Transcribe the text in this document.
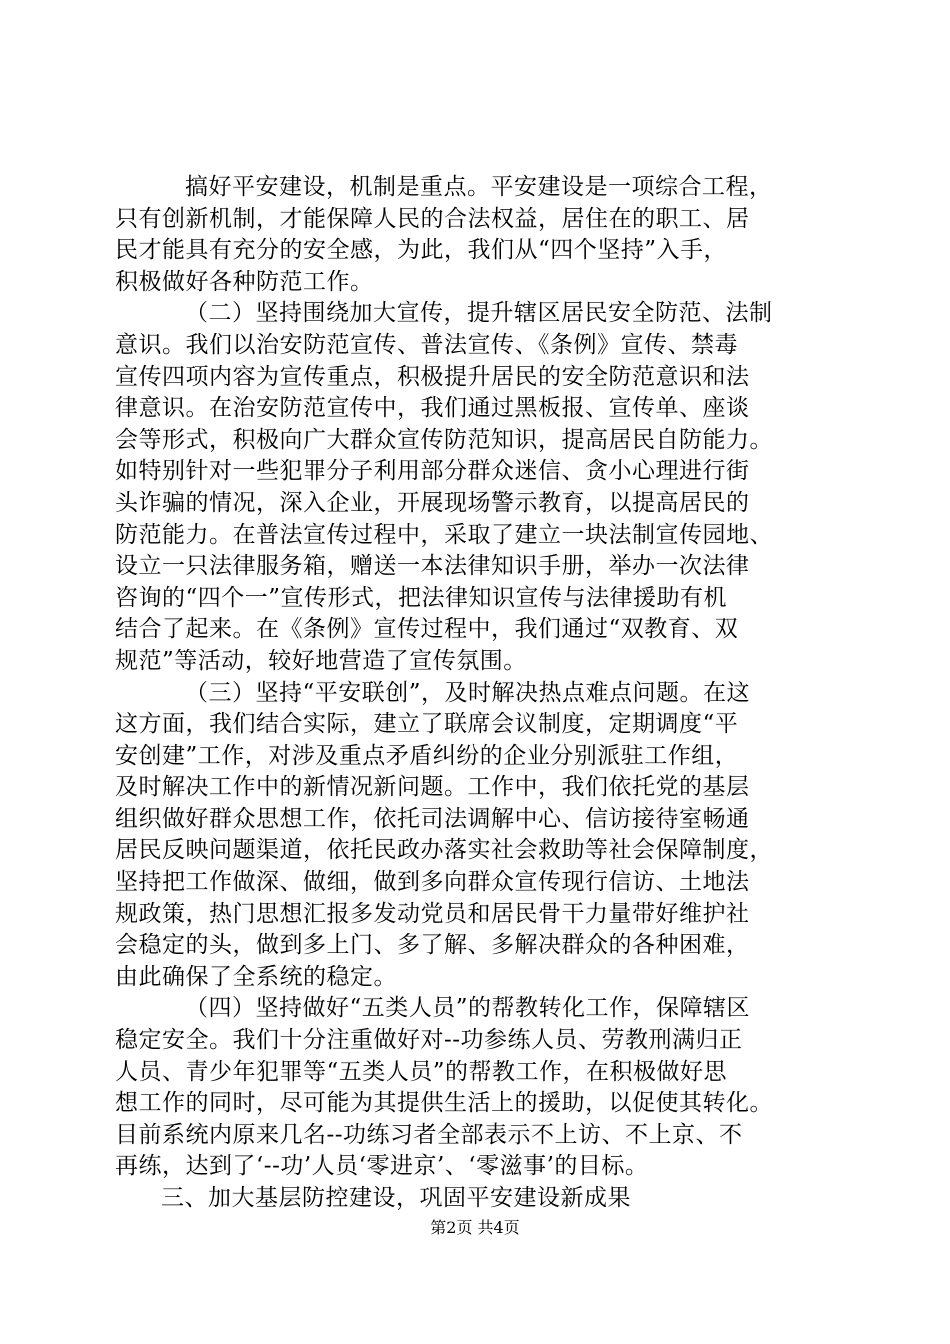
搞好平安建设，机制是重点。平安建设是一项综合工程，
只有创新机制，才能保障人民的合法权益，居住在的职工、居
民才能具有充分的安全感，为此，我们从“四个坚持”入手，
积极做好各种防范工作。
（二）坚持围绕加大宣传，提升辖区居民安全防范、法制
意识。我们以治安防范宣传、普法宣传、《条例》宣传、禁毒
宣传四项内容为宣传重点，积极提升居民的安全防范意识和法
律意识。在治安防范宣传中，我们通过黑板报、宣传单、座谈
会等形式，积极向广大群众宣传防范知识，提高居民自防能力。
如特别针对一些犯罪分子利用部分群众迷信、贪小心理进行街
头诈骗的情况，深入企业，开展现场警示教育，以提高居民的
防范能力。在普法宣传过程中，采取了建立一块法制宣传园地、
设立一只法律服务箱，赠送一本法律知识手册，举办一次法律
咨询的“四个一”宣传形式，把法律知识宣传与法律援助有机
结合了起来。在《条例》宣传过程中，我们通过“双教育、双
规范”等活动，较好地营造了宣传氛围。
（三）坚持“平安联创”，及时解决热点难点问题。在这
这方面，我们结合实际，建立了联席会议制度，定期调度“平
安创建”工作，对涉及重点矛盾纠纷的企业分别派驻工作组，
及时解决工作中的新情况新问题。工作中，我们依托党的基层
组织做好群众思想工作，依托司法调解中心、信访接待室畅通
居民反映问题渠道，依托民政办落实社会救助等社会保障制度，
坚持把工作做深、做细，做到多向群众宣传现行信访、土地法
规政策，热门思想汇报多发动党员和居民骨干力量带好维护社
会稳定的头，做到多上门、多了解、多解决群众的各种困难，
由此确保了全系统的稳定。
（四）坚持做好“五类人员”的帮教转化工作，保障辖区
稳定安全。我们十分注重做好对--功参练人员、劳教刑满归正
人员、青少年犯罪等“五类人员”的帮教工作，在积极做好思
想工作的同时，尽可能为其提供生活上的援助，以促使其转化。
目前系统内原来几名--功练习者全部表示不上访、不上京、不
再练，达到了‘--功’人员‘零进京’、‘零滋事’的目标。
三、加大基层防控建设，巩固平安建设新成果
第2页 共4页
